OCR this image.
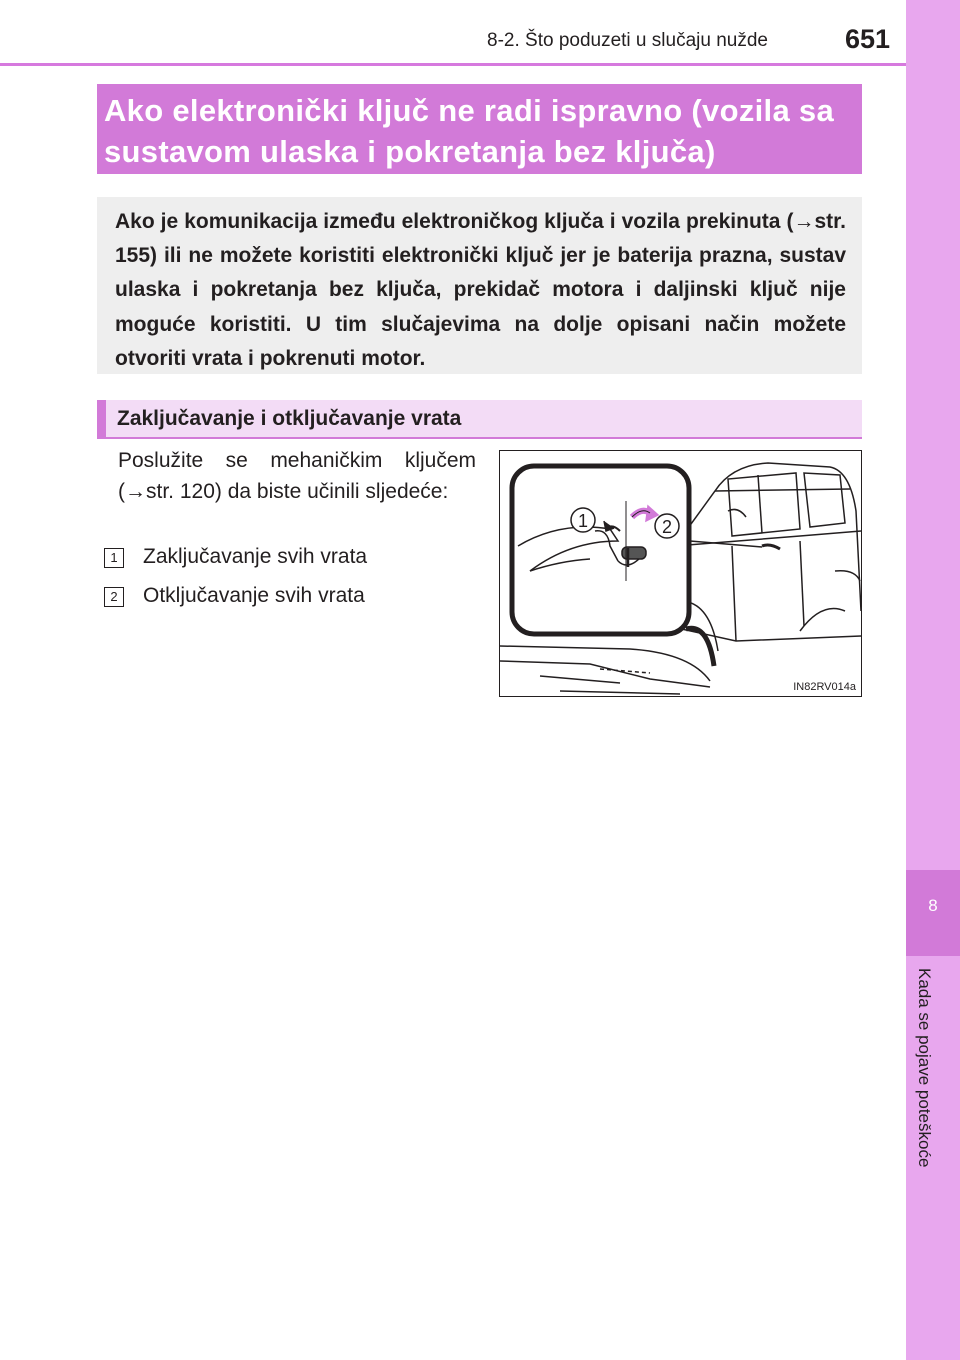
8-2. Što poduzeti u slučaju nužde	651
8
Kada se pojave poteškoće
Ako elektronički ključ ne radi ispravno (vozila sa sustavom ulaska i pokretanja bez ključa)

Ako je komunikacija između elektroničkog ključa i vozila prekinuta (→str. 155) ili ne možete koristiti elektronički ključ jer je baterija prazna, sustav ulaska i pokretanja bez ključa, prekidač motora i daljinski ključ nije moguće koristiti. U tim slučajevima na dolje opisani način možete otvoriti vrata i pokrenuti motor.

Zaključavanje i otključavanje vrata

Poslužite se mehaničkim ključem (→str. 120) da biste učinili sljedeće:

1	Zaključavanje svih vrata
2	Otključavanje svih vrata
1	2
IN82RV014a
